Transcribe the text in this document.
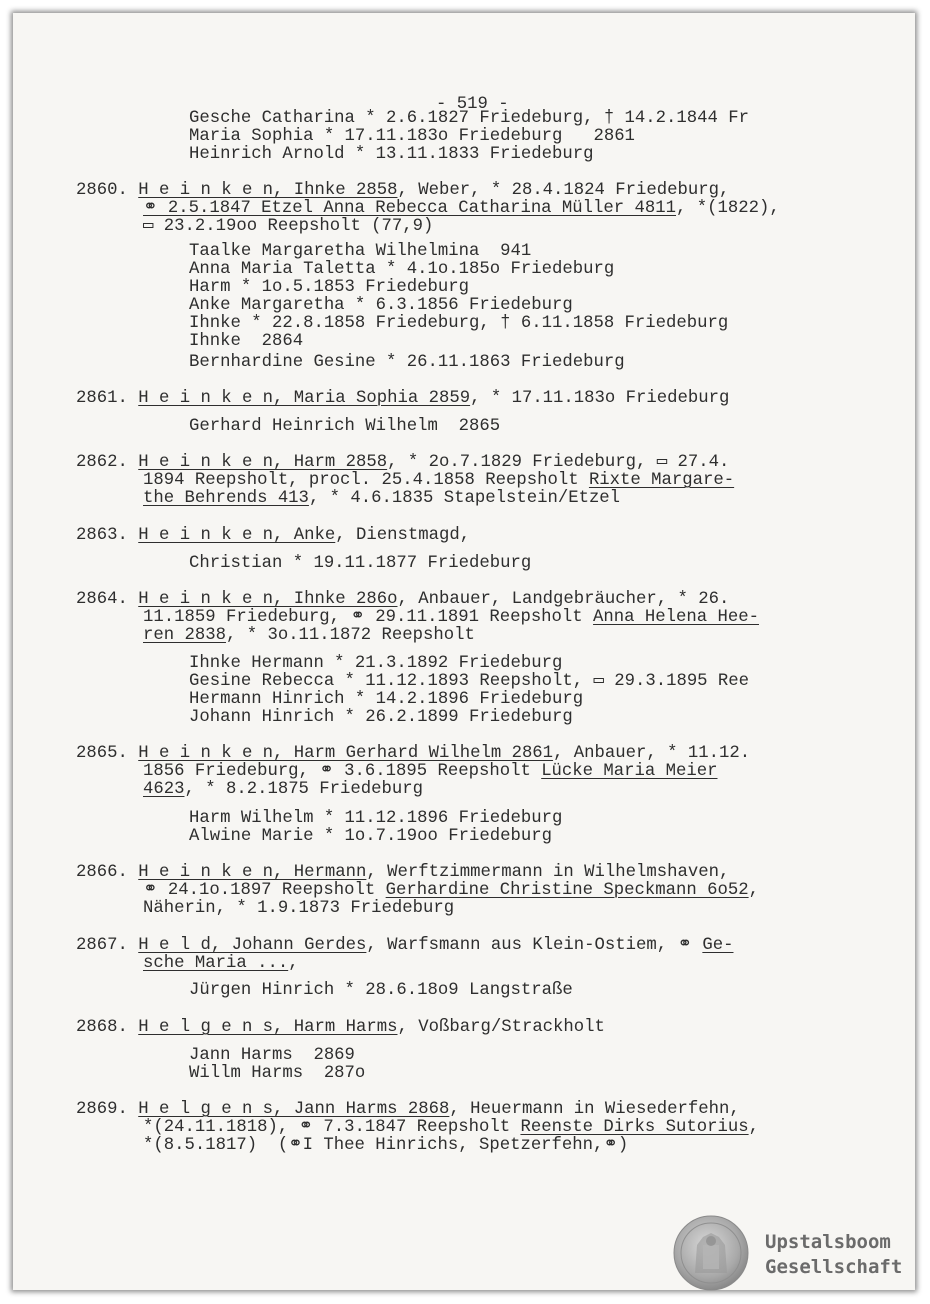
- 519 -
Gesche Catharina * 2.6.1827 Friedeburg, † 14.2.1844 Fr
Maria Sophia * 17.11.183o Friedeburg   2861
Heinrich Arnold * 13.11.1833 Friedeburg
2860. H e i n k e n, Ihnke 2858, Weber, * 28.4.1824 Friedeburg,
⚭ 2.5.1847 Etzel Anna Rebecca Catharina Müller 4811, *(1822),
▭ 23.2.19oo Reepsholt (77,9)
Taalke Margaretha Wilhelmina  941
Anna Maria Taletta * 4.1o.185o Friedeburg
Harm * 1o.5.1853 Friedeburg
Anke Margaretha * 6.3.1856 Friedeburg
Ihnke * 22.8.1858 Friedeburg, † 6.11.1858 Friedeburg
Ihnke  2864
Bernhardine Gesine * 26.11.1863 Friedeburg
2861. H e i n k e n, Maria Sophia 2859, * 17.11.183o Friedeburg
Gerhard Heinrich Wilhelm  2865
2862. H e i n k e n, Harm 2858, * 2o.7.1829 Friedeburg, ▭ 27.4.
1894 Reepsholt, procl. 25.4.1858 Reepsholt Rixte Margare-
the Behrends 413, * 4.6.1835 Stapelstein/Etzel
2863. H e i n k e n, Anke, Dienstmagd,
Christian * 19.11.1877 Friedeburg
2864. H e i n k e n, Ihnke 286o, Anbauer, Landgebräucher, * 26.
11.1859 Friedeburg, ⚭ 29.11.1891 Reepsholt Anna Helena Hee-
ren 2838, * 3o.11.1872 Reepsholt
Ihnke Hermann * 21.3.1892 Friedeburg
Gesine Rebecca * 11.12.1893 Reepsholt, ▭ 29.3.1895 Ree
Hermann Hinrich * 14.2.1896 Friedeburg
Johann Hinrich * 26.2.1899 Friedeburg
2865. H e i n k e n, Harm Gerhard Wilhelm 2861, Anbauer, * 11.12.
1856 Friedeburg, ⚭ 3.6.1895 Reepsholt Lücke Maria Meier
4623, * 8.2.1875 Friedeburg
Harm Wilhelm * 11.12.1896 Friedeburg
Alwine Marie * 1o.7.19oo Friedeburg
2866. H e i n k e n, Hermann, Werftzimmermann in Wilhelmshaven,
⚭ 24.1o.1897 Reepsholt Gerhardine Christine Speckmann 6o52,
Näherin, * 1.9.1873 Friedeburg
2867. H e l d, Johann Gerdes, Warfsmann aus Klein-Ostiem, ⚭ Ge-
sche Maria ...,
Jürgen Hinrich * 28.6.18o9 Langstraße
2868. H e l g e n s, Harm Harms, Voßbarg/Strackholt
Jann Harms  2869
Willm Harms  287o
2869. H e l g e n s, Jann Harms 2868, Heuermann in Wiesederfehn,
*(24.11.1818), ⚭ 7.3.1847 Reepsholt Reenste Dirks Sutorius,
*(8.5.1817)  (⚭I Thee Hinrichs, Spetzerfehn,⚭)
Upstalsboom
Gesellschaft
